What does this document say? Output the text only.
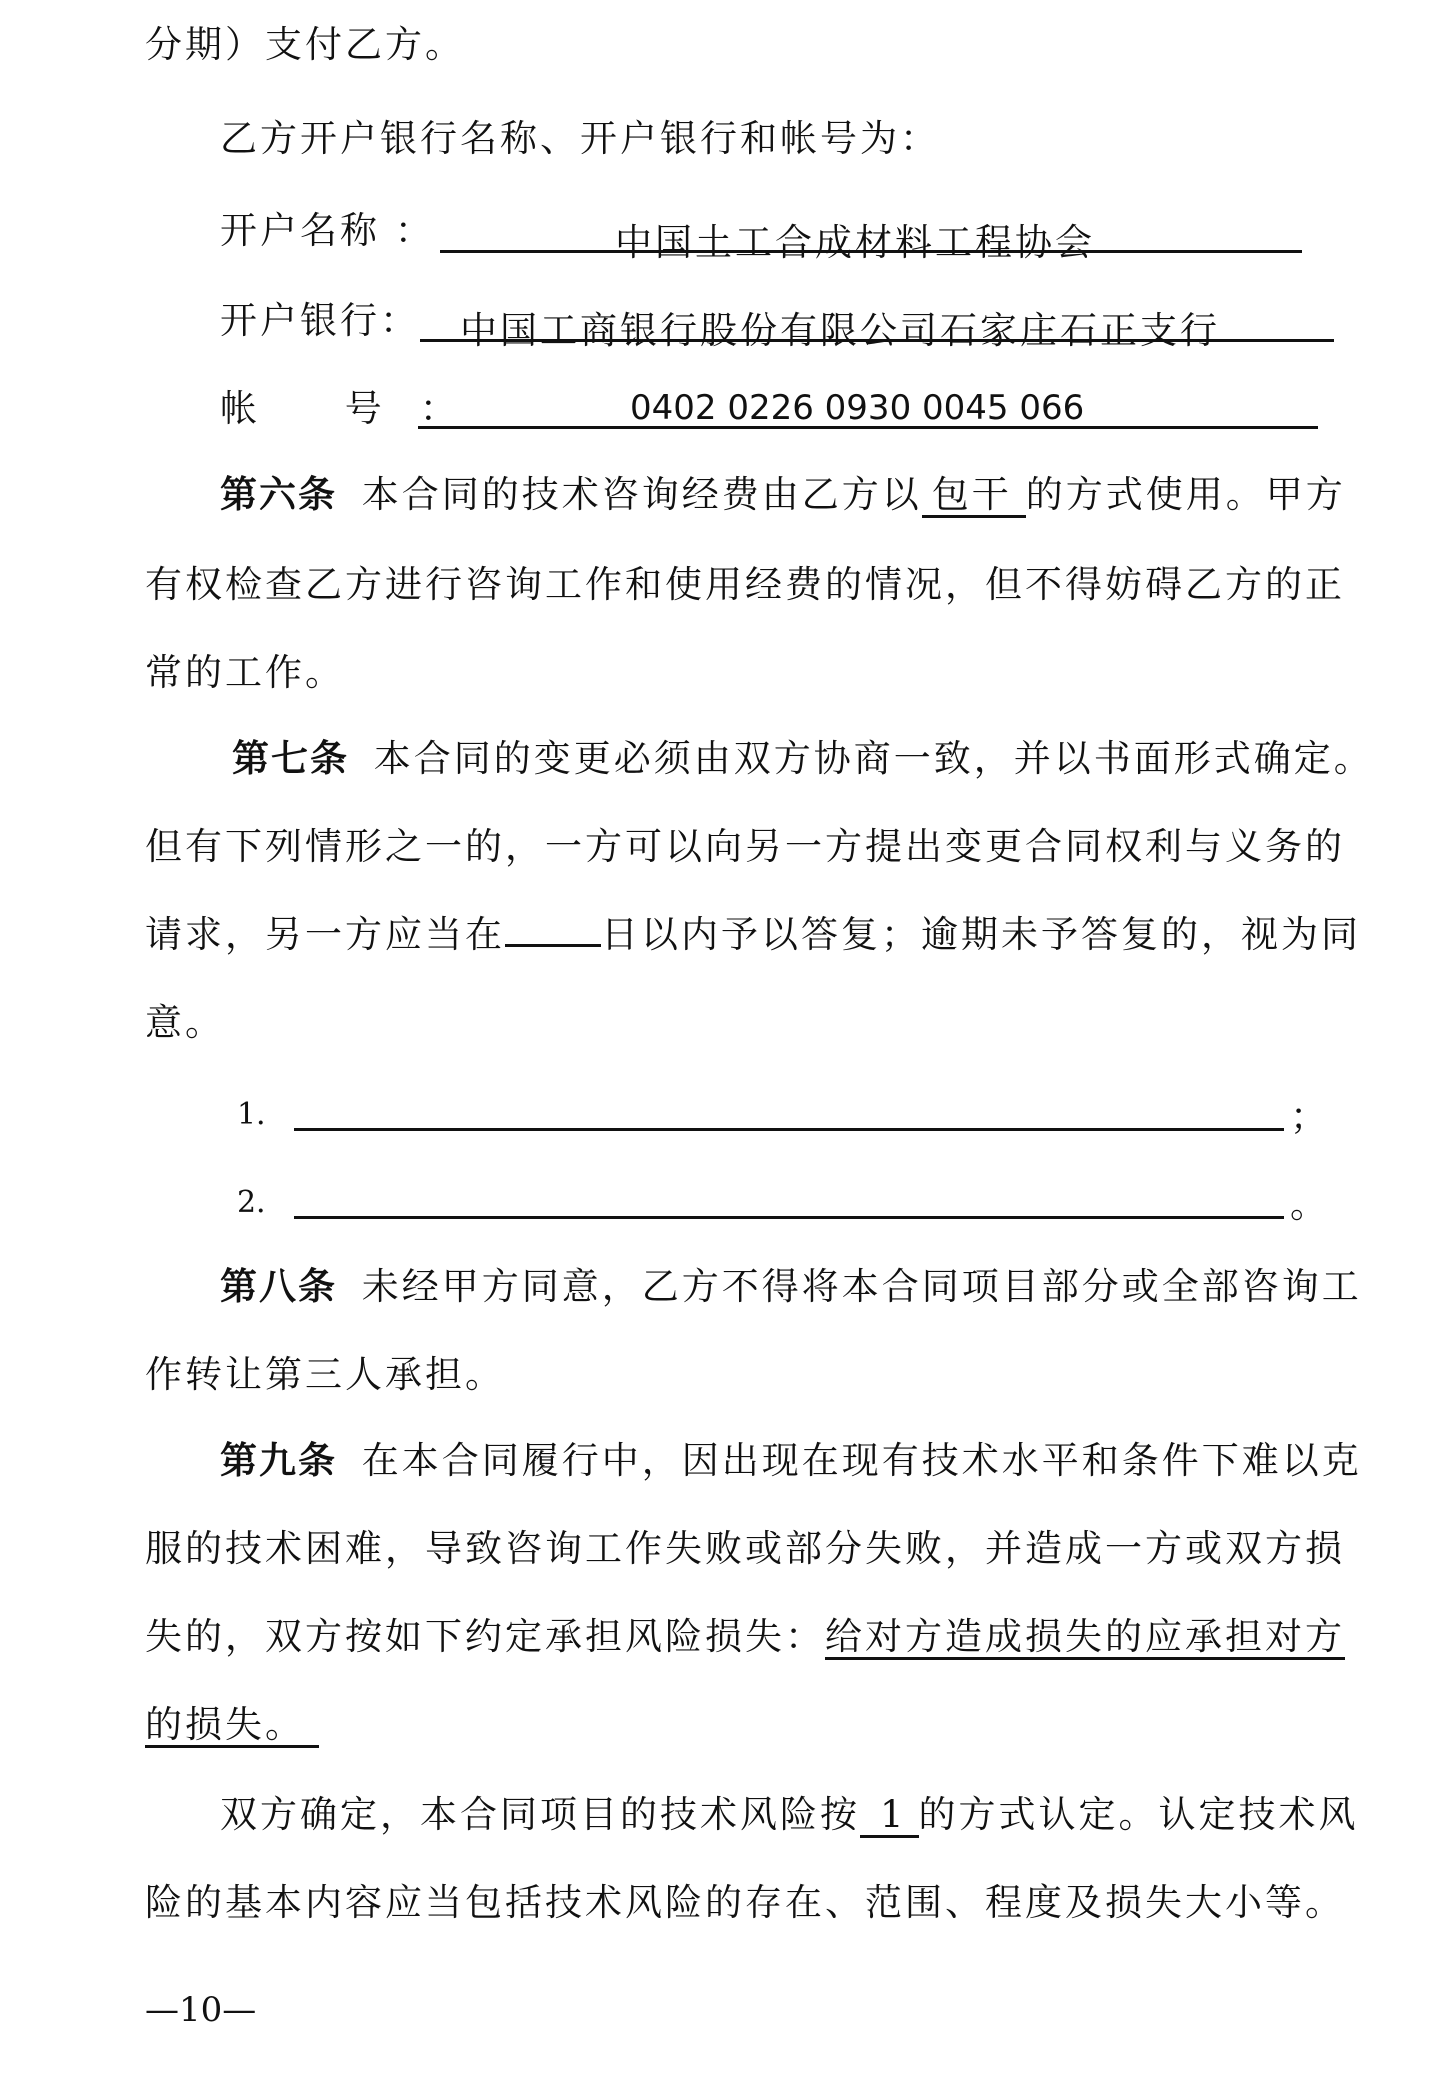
分期）支付乙方。
乙方开户银行名称、开户银行和帐号为：
开户名称 ：	中国土工合成材料工程协会
开户银行： 中国工商银行股份有限公司石家庄石正支行
帐 号：	0402 0226 0930 0045 066
第六条 本合同的技术咨询经费由乙方以 包干 的方式使用。甲方
有权检查乙方进行咨询工作和使用经费的情况，但不得妨碍乙方的正
常的工作。
第七条 本合同的变更必须由双方协商一致，并以书面形式确定。
但有下列情形之一的，一方可以向另一方提出变更合同权利与义务的
请求，另一方应当在	日以内予以答复；逾期未予答复的，视为同
意。
1．	；
2．	。
第八条 未经甲方同意，乙方不得将本合同项目部分或全部咨询工
作转让第三人承担。
第九条 在本合同履行中，因出现在现有技术水平和条件下难以克
服的技术困难，导致咨询工作失败或部分失败，并造成一方或双方损
失的，双方按如下约定承担风险损失：给对方造成损失的应承担对方
的损失。
双方确定，本合同项目的技术风险按 1 的方式认定。认定技术风
险的基本内容应当包括技术风险的存在、范围、程度及损失大小等。
—10—
